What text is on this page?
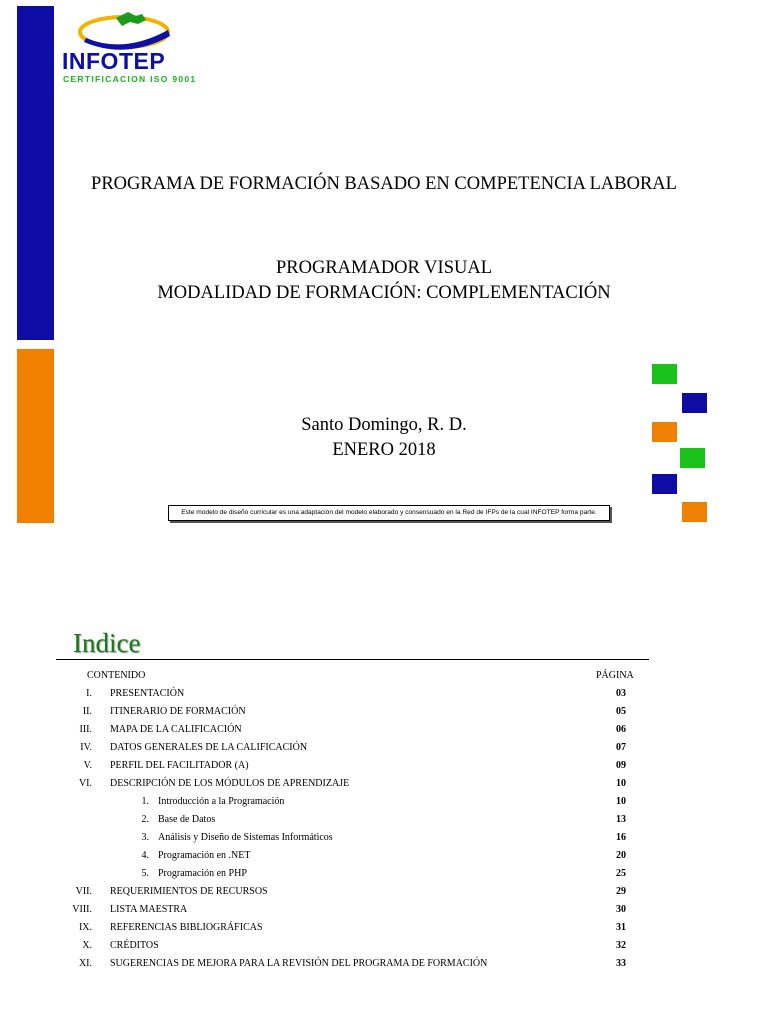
INFOTEP
CERTIFICACION ISO 9001
PROGRAMA DE FORMACIÓN BASADO EN COMPETENCIA LABORAL
PROGRAMADOR VISUAL
MODALIDAD DE FORMACIÓN: COMPLEMENTACIÓN
Santo Domingo, R. D.
ENERO 2018
Este modelo de diseño curricular es una adaptación del modelo elaborado y consensuado en la Red de IFPs de la cual INFOTEP forma parte.
Indice
CONTENIDO	PÁGINA
I. PRESENTACIÓN	03
II. ITINERARIO DE FORMACIÓN	05
III. MAPA DE LA CALIFICACIÓN	06
IV. DATOS GENERALES DE LA CALIFICACIÓN	07
V. PERFIL DEL FACILITADOR (A)	09
VI. DESCRIPCIÓN DE LOS MÓDULOS DE APRENDIZAJE	10
1. Introducción a la Programación	10
2. Base de Datos	13
3. Análisis y Diseño de Sistemas Informáticos	16
4. Programación en .NET	20
5. Programación en PHP	25
VII. REQUERIMIENTOS DE RECURSOS	29
VIII. LISTA MAESTRA	30
IX. REFERENCIAS BIBLIOGRÁFICAS	31
X. CRÉDITOS	32
XI. SUGERENCIAS DE MEJORA PARA LA REVISIÓN DEL PROGRAMA DE FORMACIÓN	33
